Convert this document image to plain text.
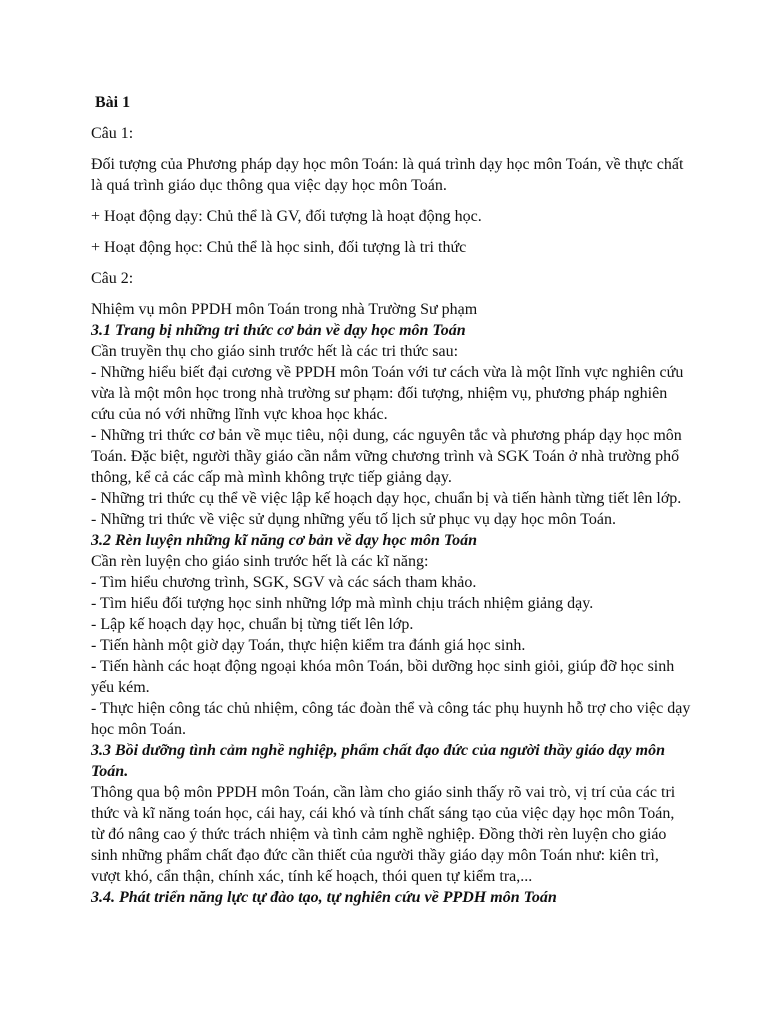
Bài 1
Câu 1:
Đối tượng của Phương pháp dạy học môn Toán: là quá trình dạy học môn Toán, về thực chất là quá trình giáo dục thông qua việc dạy học môn Toán.
+ Hoạt động dạy: Chủ thể là GV, đối tượng là hoạt động học.
+ Hoạt động học: Chủ thể là học sinh, đối tượng là tri thức
Câu 2:
Nhiệm vụ môn PPDH môn Toán trong nhà Trường Sư phạm
3.1 Trang bị những tri thức cơ bản về dạy học môn Toán
Cần truyền thụ cho giáo sinh trước hết là các tri thức sau:
- Những hiểu biết đại cương về PPDH môn Toán với tư cách vừa là một lĩnh vực nghiên cứu vừa là một môn học trong nhà trường sư phạm: đối tượng, nhiệm vụ, phương pháp nghiên cứu của nó với những lĩnh vực khoa học khác.
- Những tri thức cơ bản về mục tiêu, nội dung, các nguyên tắc và phương pháp dạy học môn Toán. Đặc biệt, người thầy giáo cần nắm vững chương trình và SGK Toán ở nhà trường phổ thông, kể cả các cấp mà mình không trực tiếp giảng dạy.
- Những tri thức cụ thể về việc lập kế hoạch dạy học, chuẩn bị và tiến hành từng tiết lên lớp.
- Những tri thức về việc sử dụng những yếu tố lịch sử phục vụ dạy học môn Toán.
3.2 Rèn luyện những kĩ năng cơ bản về dạy học môn Toán
Cần rèn luyện cho giáo sinh trước hết là các kĩ năng:
- Tìm hiểu chương trình, SGK, SGV và các sách tham khảo.
- Tìm hiểu đối tượng học sinh những lớp mà mình chịu trách nhiệm giảng dạy.
- Lập kế hoạch dạy học, chuẩn bị từng tiết lên lớp.
- Tiến hành một giờ dạy Toán, thực hiện kiểm tra đánh giá học sinh.
- Tiến hành các hoạt động ngoại khóa môn Toán, bồi dưỡng học sinh giỏi, giúp đỡ học sinh yếu kém.
- Thực hiện công tác chủ nhiệm, công tác đoàn thể và công tác phụ huynh hỗ trợ cho việc dạy học môn Toán.
3.3 Bồi dưỡng tình cảm nghề nghiệp, phẩm chất đạo đức của người thầy giáo dạy môn Toán.
Thông qua bộ môn PPDH môn Toán, cần làm cho giáo sinh thấy rõ vai trò, vị trí của các tri thức và kĩ năng toán học, cái hay, cái khó và tính chất sáng tạo của việc dạy học môn Toán, từ đó nâng cao ý thức trách nhiệm và tình cảm nghề nghiệp. Đồng thời rèn luyện cho giáo sinh những phẩm chất đạo đức cần thiết của người thầy giáo dạy môn Toán như: kiên trì, vượt khó, cẩn thận, chính xác, tính kế hoạch, thói quen tự kiểm tra,...
3.4. Phát triển năng lực tự đào tạo, tự nghiên cứu về PPDH môn Toán
